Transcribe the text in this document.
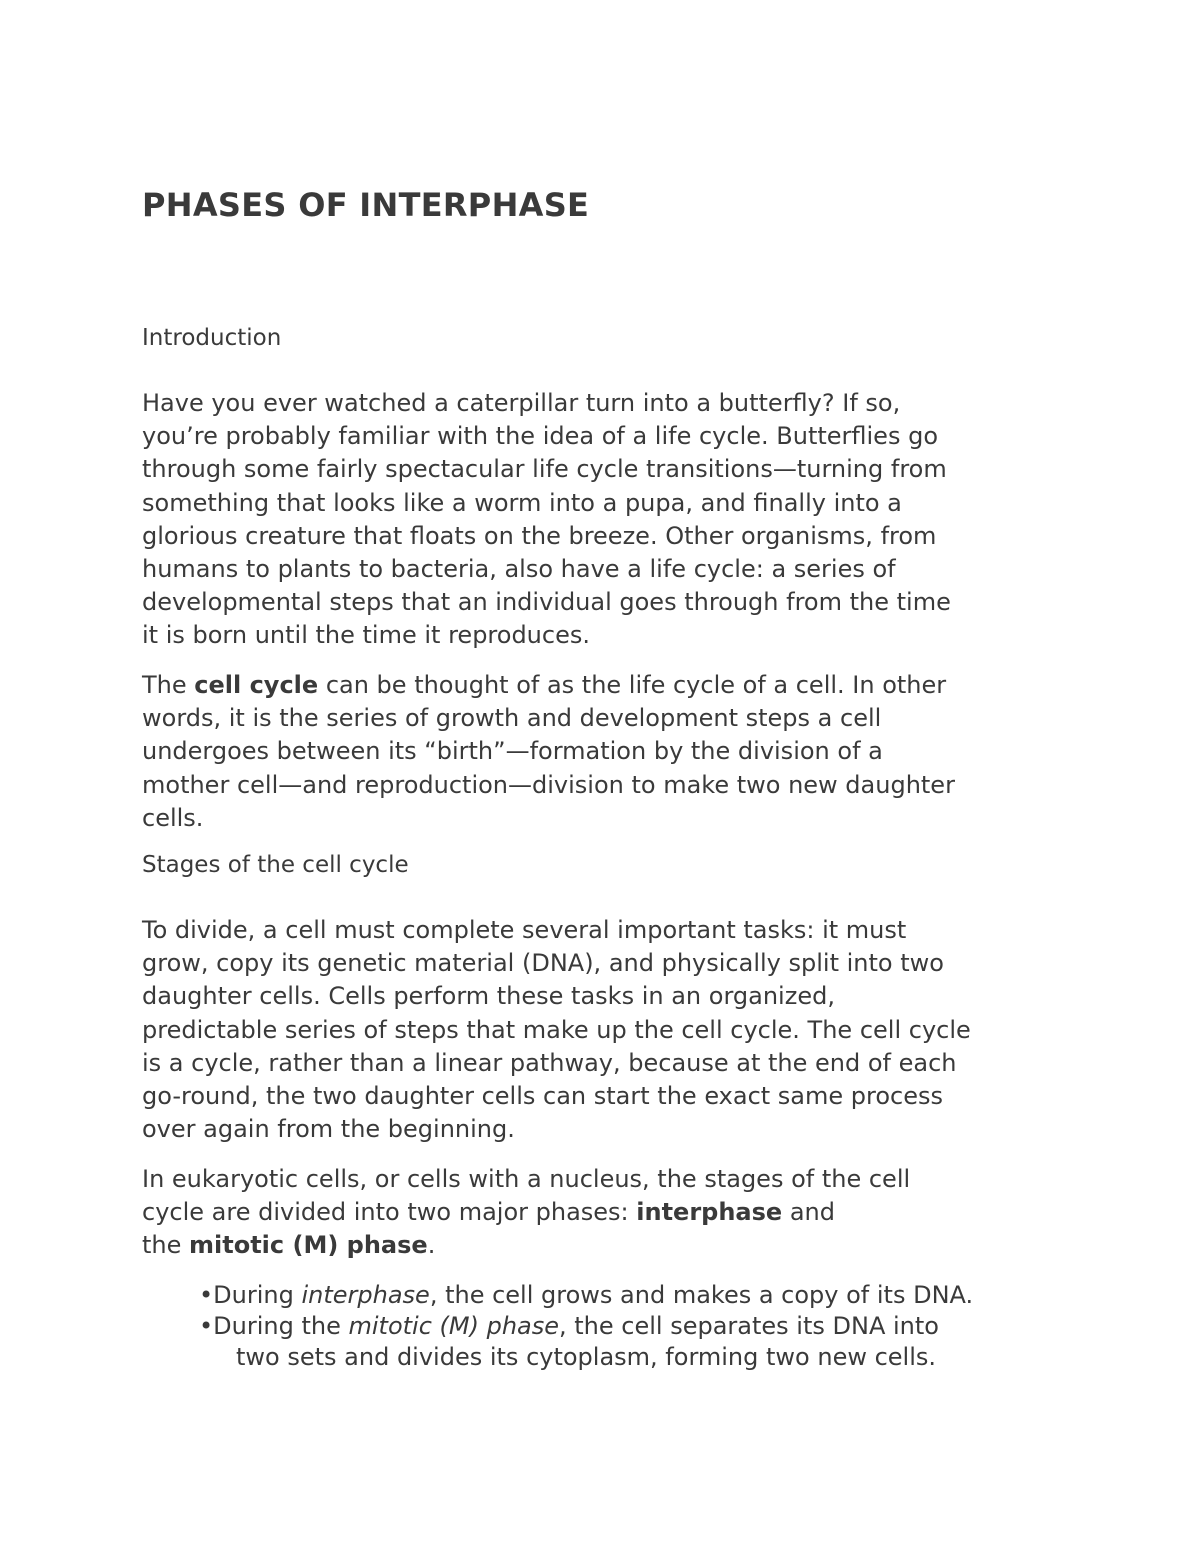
PHASES OF INTERPHASE
Introduction

Have you ever watched a caterpillar turn into a butterfly? If so,
you’re probably familiar with the idea of a life cycle. Butterflies go
through some fairly spectacular life cycle transitions—turning from
something that looks like a worm into a pupa, and finally into a
glorious creature that floats on the breeze. Other organisms, from
humans to plants to bacteria, also have a life cycle: a series of
developmental steps that an individual goes through from the time
it is born until the time it reproduces.

The cell cycle can be thought of as the life cycle of a cell. In other
words, it is the series of growth and development steps a cell
undergoes between its “birth”—formation by the division of a
mother cell—and reproduction—division to make two new daughter
cells.

Stages of the cell cycle

To divide, a cell must complete several important tasks: it must
grow, copy its genetic material (DNA), and physically split into two
daughter cells. Cells perform these tasks in an organized,
predictable series of steps that make up the cell cycle. The cell cycle
is a cycle, rather than a linear pathway, because at the end of each
go-round, the two daughter cells can start the exact same process
over again from the beginning.

In eukaryotic cells, or cells with a nucleus, the stages of the cell
cycle are divided into two major phases: interphase and
the mitotic (M) phase.

•During interphase, the cell grows and makes a copy of its DNA.
•During the mitotic (M) phase, the cell separates its DNA into
two sets and divides its cytoplasm, forming two new cells.
